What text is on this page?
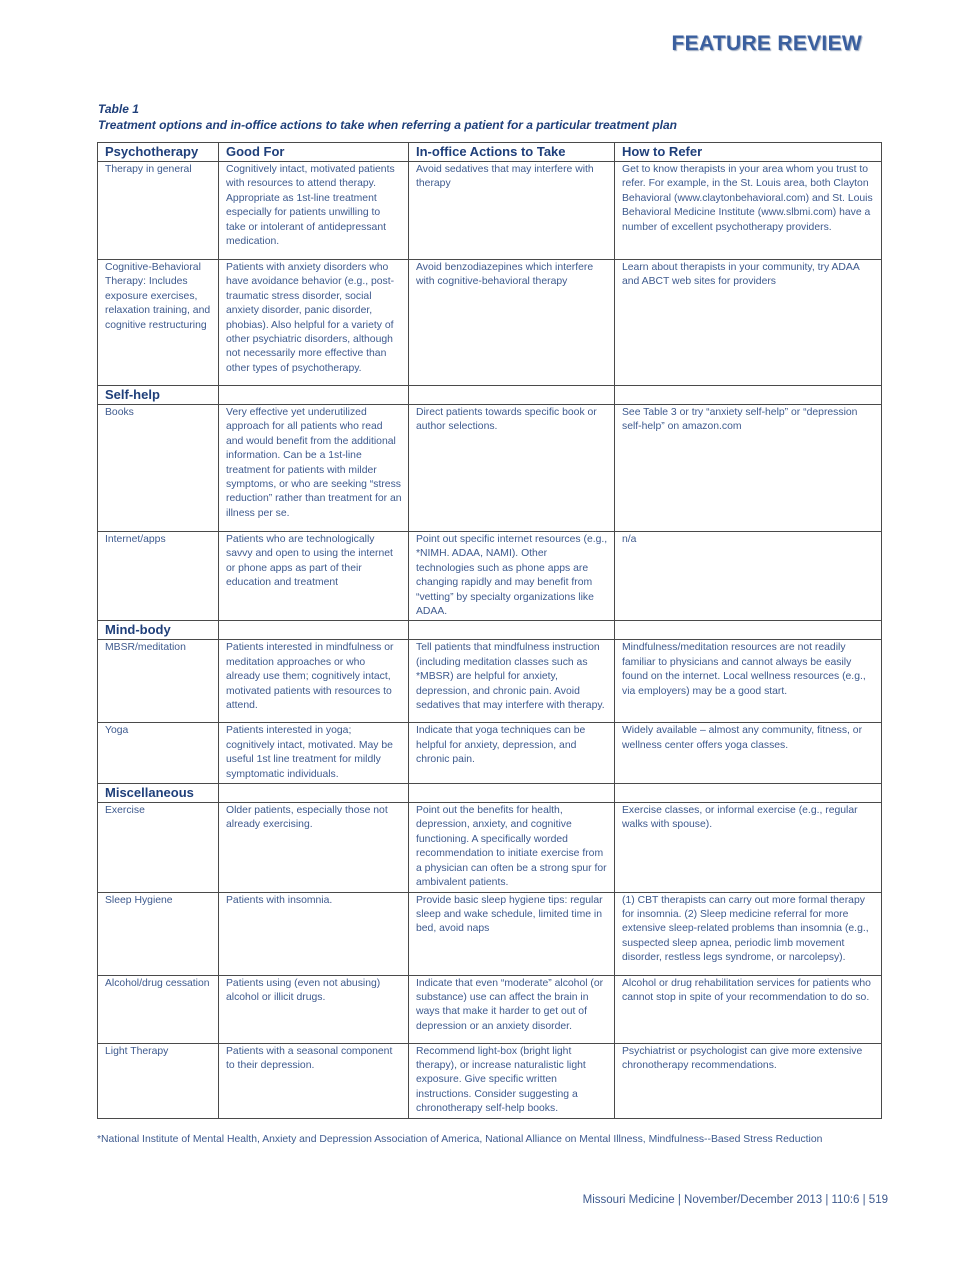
FEATURE REVIEW
Table 1
Treatment options and in-office actions to take when referring a patient for a particular treatment plan
Psychotherapy	Good For	In-office Actions to Take	How to Refer
Therapy in general	Cognitively intact, motivated patients with resources to attend therapy. Appropriate as 1st-line treatment especially for patients unwilling to take or intolerant of antidepressant medication.	Avoid sedatives that may interfere with therapy	Get to know therapists in your area whom you trust to refer. For example, in the St. Louis area, both Clayton Behavioral (www.claytonbehavioral.com) and St. Louis Behavioral Medicine Institute (www.slbmi.com) have a number of excellent psychotherapy providers.
Cognitive-Behavioral Therapy: Includes exposure exercises, relaxation training, and cognitive restructuring	Patients with anxiety disorders who have avoidance behavior (e.g., post-traumatic stress disorder, social anxiety disorder, panic disorder, phobias). Also helpful for a variety of other psychiatric disorders, although not necessarily more effective than other types of psychotherapy.	Avoid benzodiazepines which interfere with cognitive-behavioral therapy	Learn about therapists in your community, try ADAA and ABCT web sites for providers
Self-help			
Books	Very effective yet underutilized approach for all patients who read and would benefit from the additional information. Can be a 1st-line treatment for patients with milder symptoms, or who are seeking “stress reduction” rather than treatment for an illness per se.	Direct patients towards specific book or author selections.	See Table 3 or try “anxiety self-help” or “depression self-help” on amazon.com
Internet/apps	Patients who are technologically savvy and open to using the internet or phone apps as part of their education and treatment	Point out specific internet resources (e.g., *NIMH. ADAA, NAMI). Other technologies such as phone apps are changing rapidly and may benefit from “vetting” by specialty organizations like ADAA.	n/a
Mind-body			
MBSR/meditation	Patients interested in mindfulness or meditation approaches or who already use them; cognitively intact, motivated patients with resources to attend.	Tell patients that mindfulness instruction (including meditation classes such as *MBSR) are helpful for anxiety, depression, and chronic pain. Avoid sedatives that may interfere with therapy.	Mindfulness/meditation resources are not readily familiar to physicians and cannot always be easily found on the internet. Local wellness resources (e.g., via employers) may be a good start.
Yoga	Patients interested in yoga; cognitively intact, motivated. May be useful 1st line treatment for mildly symptomatic individuals.	Indicate that yoga techniques can be helpful for anxiety, depression, and chronic pain.	Widely available – almost any community, fitness, or wellness center offers yoga classes.
Miscellaneous			
Exercise	Older patients, especially those not already exercising.	Point out the benefits for health, depression, anxiety, and cognitive functioning. A specifically worded recommendation to initiate exercise from a physician can often be a strong spur for ambivalent patients.	Exercise classes, or informal exercise (e.g., regular walks with spouse).
Sleep Hygiene	Patients with insomnia.	Provide basic sleep hygiene tips: regular sleep and wake schedule, limited time in bed, avoid naps	(1) CBT therapists can carry out more formal therapy for insomnia. (2) Sleep medicine referral for more extensive sleep-related problems than insomnia (e.g., suspected sleep apnea, periodic limb movement disorder, restless legs syndrome, or narcolepsy).
Alcohol/drug cessation	Patients using (even not abusing) alcohol or illicit drugs.	Indicate that even “moderate” alcohol (or substance) use can affect the brain in ways that make it harder to get out of depression or an anxiety disorder.	Alcohol or drug rehabilitation services for patients who cannot stop in spite of your recommendation to do so.
Light Therapy	Patients with a seasonal component to their depression.	Recommend light-box (bright light therapy), or increase naturalistic light exposure. Give specific written instructions. Consider suggesting a chronotherapy self-help books.	Psychiatrist or psychologist can give more extensive chronotherapy recommendations.
*National Institute of Mental Health, Anxiety and Depression Association of America, National Alliance on Mental Illness, Mindfulness--Based Stress Reduction
Missouri Medicine | November/December 2013 | 110:6 | 519
